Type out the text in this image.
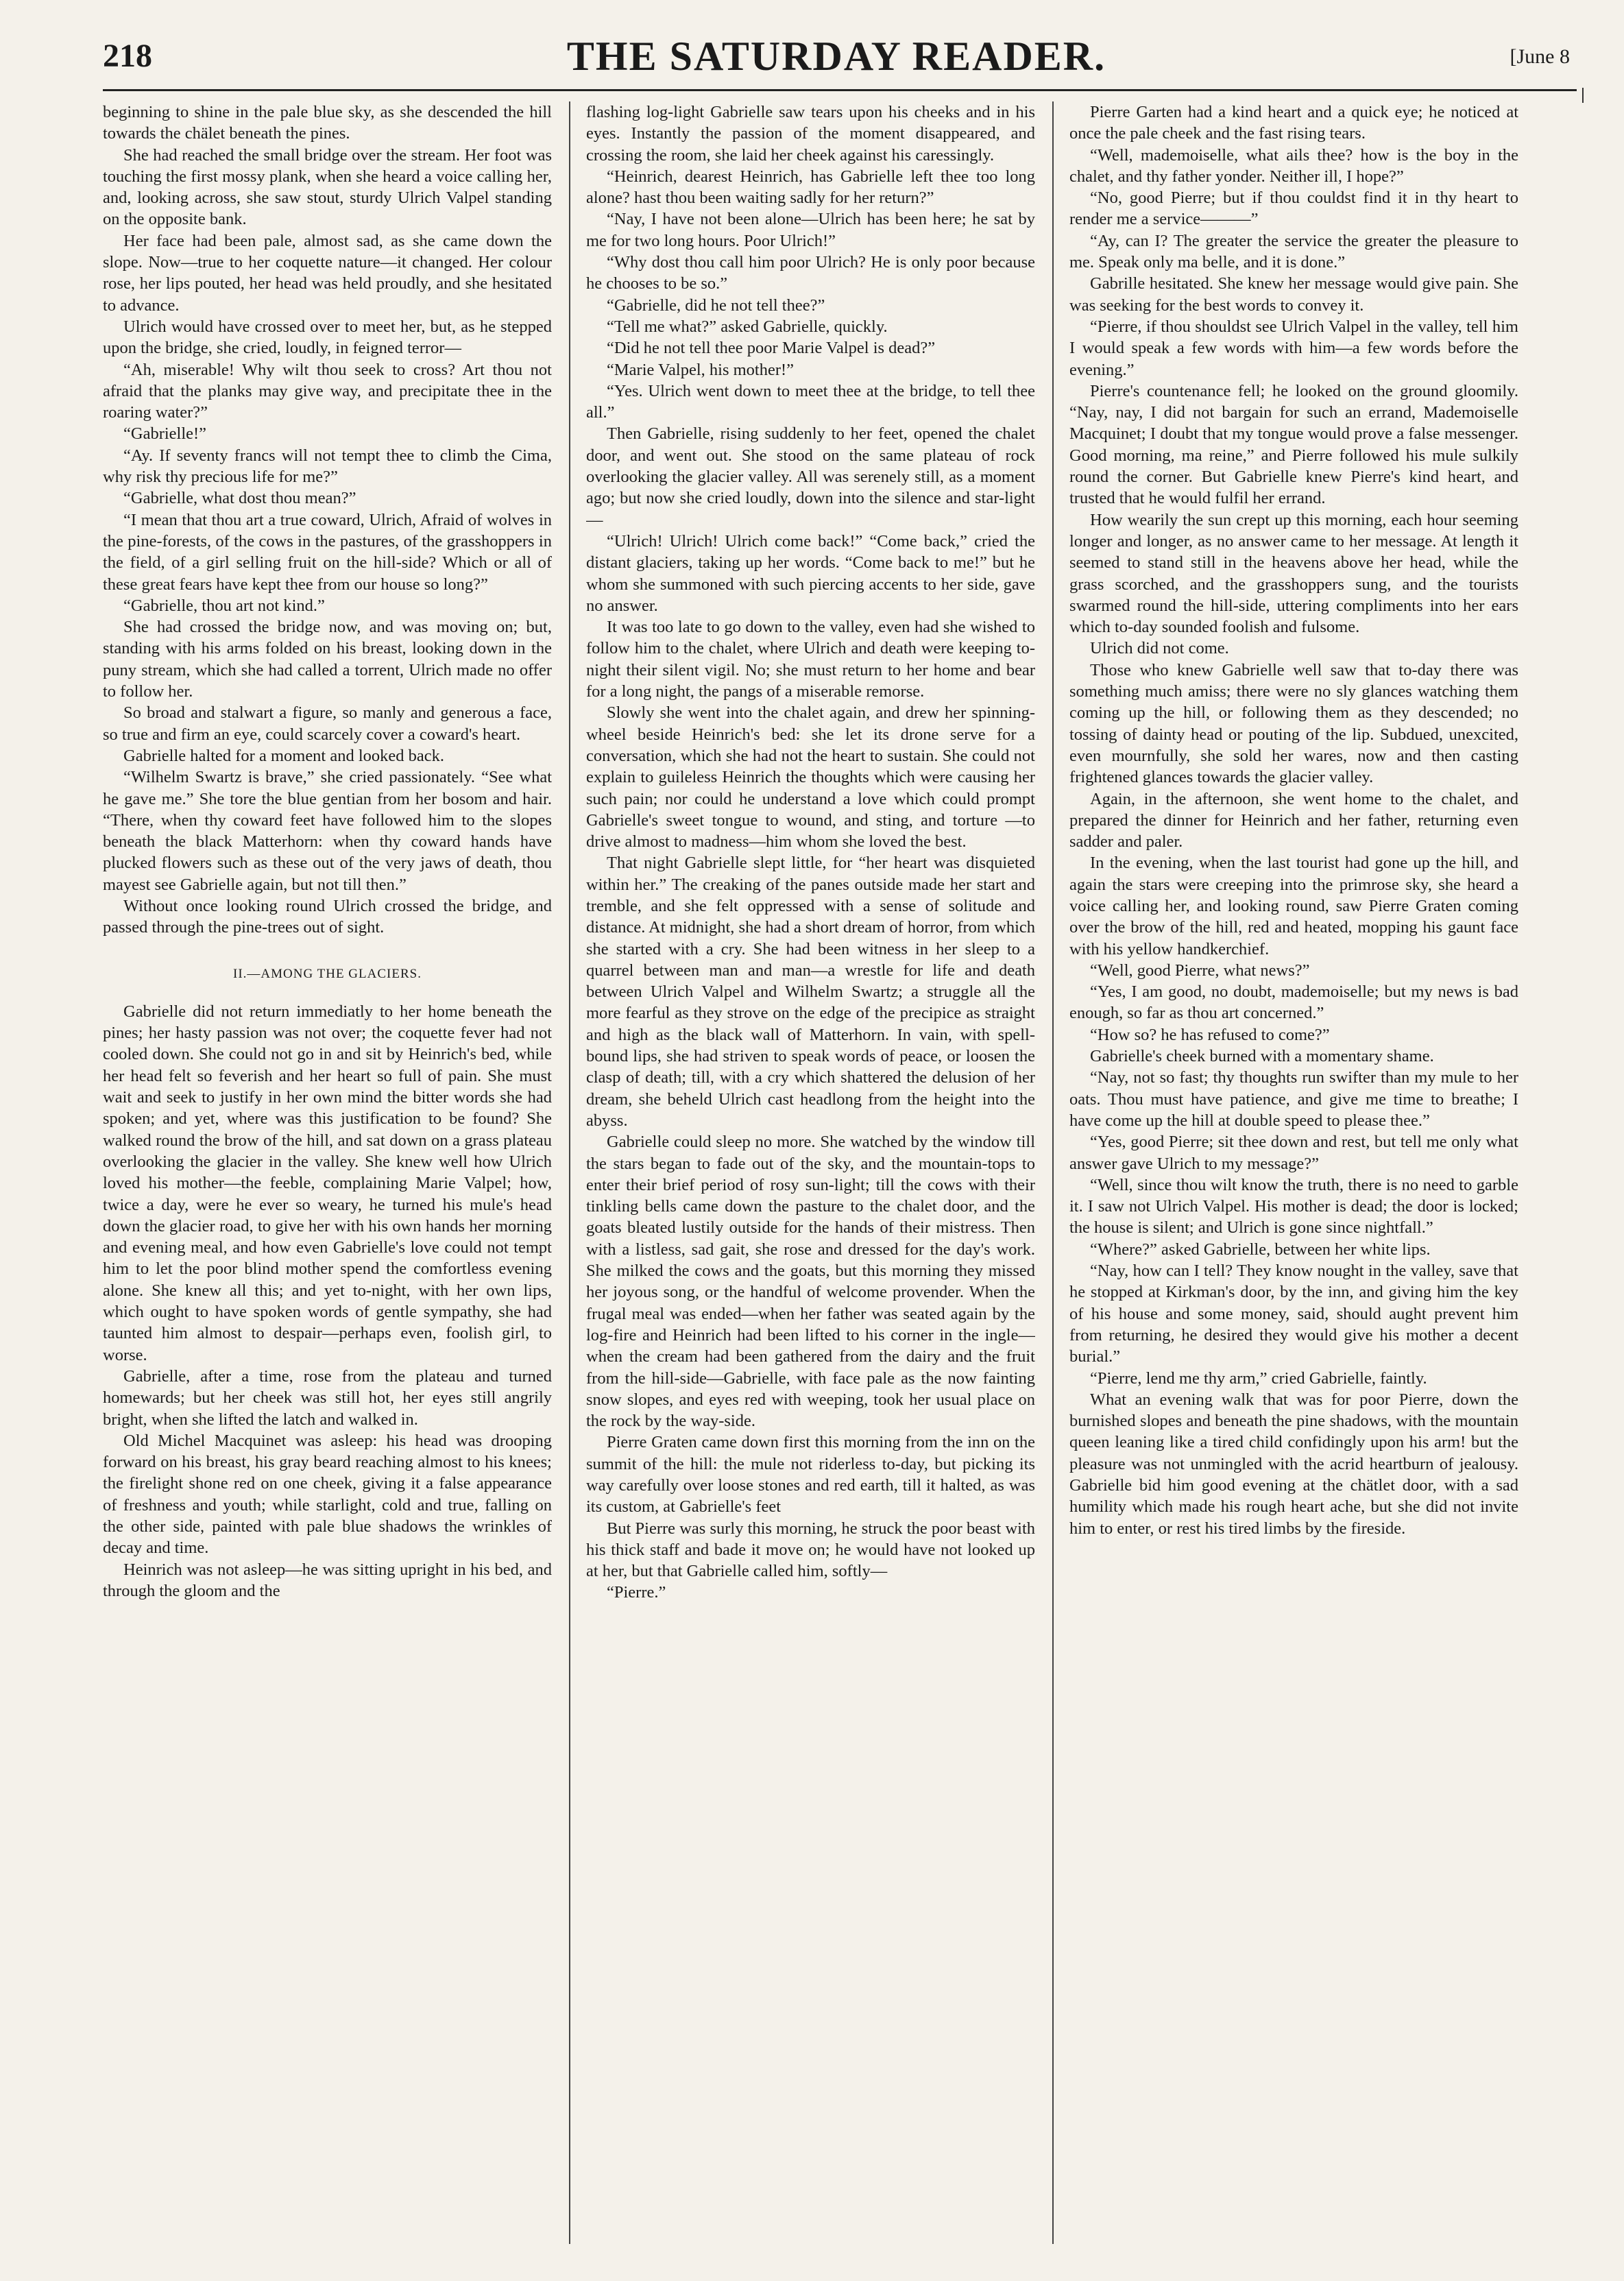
218	THE SATURDAY READER.	[June 8

beginning to shine in the pale blue sky, as she descended the hill towards the chälet beneath the pines.

She had reached the small bridge over the stream. Her foot was touching the first mossy plank, when she heard a voice calling her, and, looking across, she saw stout, sturdy Ulrich Valpel standing on the opposite bank.

Her face had been pale, almost sad, as she came down the slope. Now—true to her coquette nature—it changed. Her colour rose, her lips pouted, her head was held proudly, and she hesitated to advance.

Ulrich would have crossed over to meet her, but, as he stepped upon the bridge, she cried, loudly, in feigned terror—

“Ah, miserable! Why wilt thou seek to cross? Art thou not afraid that the planks may give way, and precipitate thee in the roaring water?”

“Gabrielle!”

“Ay. If seventy francs will not tempt thee to climb the Cima, why risk thy precious life for me?”

“Gabrielle, what dost thou mean?”

“I mean that thou art a true coward, Ulrich, Afraid of wolves in the pine-forests, of the cows in the pastures, of the grasshoppers in the field, of a girl selling fruit on the hill-side? Which or all of these great fears have kept thee from our house so long?”

“Gabrielle, thou art not kind.”

She had crossed the bridge now, and was moving on; but, standing with his arms folded on his breast, looking down in the puny stream, which she had called a torrent, Ulrich made no offer to follow her.

So broad and stalwart a figure, so manly and generous a face, so true and firm an eye, could scarcely cover a coward's heart.

Gabrielle halted for a moment and looked back.

“Wilhelm Swartz is brave,” she cried passionately. “See what he gave me.” She tore the blue gentian from her bosom and hair. “There, when thy coward feet have followed him to the slopes beneath the black Matterhorn: when thy coward hands have plucked flowers such as these out of the very jaws of death, thou mayest see Gabrielle again, but not till then.”

Without once looking round Ulrich crossed the bridge, and passed through the pine-trees out of sight.

II.—AMONG THE GLACIERS.

Gabrielle did not return immediatly to her home beneath the pines; her hasty passion was not over; the coquette fever had not cooled down. She could not go in and sit by Heinrich's bed, while her head felt so feverish and her heart so full of pain. She must wait and seek to justify in her own mind the bitter words she had spoken; and yet, where was this justification to be found? She walked round the brow of the hill, and sat down on a grass plateau overlooking the glacier in the valley. She knew well how Ulrich loved his mother—the feeble, complaining Marie Valpel; how, twice a day, were he ever so weary, he turned his mule's head down the glacier road, to give her with his own hands her morning and evening meal, and how even Gabrielle's love could not tempt him to let the poor blind mother spend the comfortless evening alone. She knew all this; and yet to-night, with her own lips, which ought to have spoken words of gentle sympathy, she had taunted him almost to despair—perhaps even, foolish girl, to worse.

Gabrielle, after a time, rose from the plateau and turned homewards; but her cheek was still hot, her eyes still angrily bright, when she lifted the latch and walked in.

Old Michel Macquinet was asleep: his head was drooping forward on his breast, his gray beard reaching almost to his knees; the firelight shone red on one cheek, giving it a false appearance of freshness and youth; while starlight, cold and true, falling on the other side, painted with pale blue shadows the wrinkles of decay and time.

Heinrich was not asleep—he was sitting upright in his bed, and through the gloom and the

flashing log-light Gabrielle saw tears upon his cheeks and in his eyes. Instantly the passion of the moment disappeared, and crossing the room, she laid her cheek against his caressingly.

“Heinrich, dearest Heinrich, has Gabrielle left thee too long alone? hast thou been waiting sadly for her return?”

“Nay, I have not been alone—Ulrich has been here; he sat by me for two long hours. Poor Ulrich!”

“Why dost thou call him poor Ulrich? He is only poor because he chooses to be so.”

“Gabrielle, did he not tell thee?”

“Tell me what?” asked Gabrielle, quickly.

“Did he not tell thee poor Marie Valpel is dead?”

“Marie Valpel, his mother!”

“Yes. Ulrich went down to meet thee at the bridge, to tell thee all.”

Then Gabrielle, rising suddenly to her feet, opened the chalet door, and went out. She stood on the same plateau of rock overlooking the glacier valley. All was serenely still, as a moment ago; but now she cried loudly, down into the silence and star-light—

“Ulrich! Ulrich! Ulrich come back!” “Come back,” cried the distant glaciers, taking up her words. “Come back to me!” but he whom she summoned with such piercing accents to her side, gave no answer.

It was too late to go down to the valley, even had she wished to follow him to the chalet, where Ulrich and death were keeping to-night their silent vigil. No; she must return to her home and bear for a long night, the pangs of a miserable remorse.

Slowly she went into the chalet again, and drew her spinning-wheel beside Heinrich's bed: she let its drone serve for a conversation, which she had not the heart to sustain. She could not explain to guileless Heinrich the thoughts which were causing her such pain; nor could he understand a love which could prompt Gabrielle's sweet tongue to wound, and sting, and torture —to drive almost to madness—him whom she loved the best.

That night Gabrielle slept little, for “her heart was disquieted within her.” The creaking of the panes outside made her start and tremble, and she felt oppressed with a sense of solitude and distance. At midnight, she had a short dream of horror, from which she started with a cry. She had been witness in her sleep to a quarrel between man and man—a wrestle for life and death between Ulrich Valpel and Wilhelm Swartz; a struggle all the more fearful as they strove on the edge of the precipice as straight and high as the black wall of Matterhorn. In vain, with spell-bound lips, she had striven to speak words of peace, or loosen the clasp of death; till, with a cry which shattered the delusion of her dream, she beheld Ulrich cast headlong from the height into the abyss.

Gabrielle could sleep no more. She watched by the window till the stars began to fade out of the sky, and the mountain-tops to enter their brief period of rosy sun-light; till the cows with their tinkling bells came down the pasture to the chalet door, and the goats bleated lustily outside for the hands of their mistress. Then with a listless, sad gait, she rose and dressed for the day's work. She milked the cows and the goats, but this morning they missed her joyous song, or the handful of welcome provender. When the frugal meal was ended—when her father was seated again by the log-fire and Heinrich had been lifted to his corner in the ingle—when the cream had been gathered from the dairy and the fruit from the hill-side—Gabrielle, with face pale as the now fainting snow slopes, and eyes red with weeping, took her usual place on the rock by the way-side.

Pierre Graten came down first this morning from the inn on the summit of the hill: the mule not riderless to-day, but picking its way carefully over loose stones and red earth, till it halted, as was its custom, at Gabrielle's feet

But Pierre was surly this morning, he struck the poor beast with his thick staff and bade it move on; he would have not looked up at her, but that Gabrielle called him, softly—

“Pierre.”

Pierre Garten had a kind heart and a quick eye; he noticed at once the pale cheek and the fast rising tears.

“Well, mademoiselle, what ails thee? how is the boy in the chalet, and thy father yonder. Neither ill, I hope?”

“No, good Pierre; but if thou couldst find it in thy heart to render me a service———”

“Ay, can I? The greater the service the greater the pleasure to me. Speak only ma belle, and it is done.”

Gabrille hesitated. She knew her message would give pain. She was seeking for the best words to convey it.

“Pierre, if thou shouldst see Ulrich Valpel in the valley, tell him I would speak a few words with him—a few words before the evening.”

Pierre's countenance fell; he looked on the ground gloomily. “Nay, nay, I did not bargain for such an errand, Mademoiselle Macquinet; I doubt that my tongue would prove a false messenger. Good morning, ma reine,” and Pierre followed his mule sulkily round the corner. But Gabrielle knew Pierre's kind heart, and trusted that he would fulfil her errand.

How wearily the sun crept up this morning, each hour seeming longer and longer, as no answer came to her message. At length it seemed to stand still in the heavens above her head, while the grass scorched, and the grasshoppers sung, and the tourists swarmed round the hill-side, uttering compliments into her ears which to-day sounded foolish and fulsome.

Ulrich did not come.

Those who knew Gabrielle well saw that to-day there was something much amiss; there were no sly glances watching them coming up the hill, or following them as they descended; no tossing of dainty head or pouting of the lip. Subdued, unexcited, even mournfully, she sold her wares, now and then casting frightened glances towards the glacier valley.

Again, in the afternoon, she went home to the chalet, and prepared the dinner for Heinrich and her father, returning even sadder and paler.

In the evening, when the last tourist had gone up the hill, and again the stars were creeping into the primrose sky, she heard a voice calling her, and looking round, saw Pierre Graten coming over the brow of the hill, red and heated, mopping his gaunt face with his yellow handkerchief.

“Well, good Pierre, what news?”

“Yes, I am good, no doubt, mademoiselle; but my news is bad enough, so far as thou art concerned.”

“How so? he has refused to come?”

Gabrielle's cheek burned with a momentary shame.

“Nay, not so fast; thy thoughts run swifter than my mule to her oats. Thou must have patience, and give me time to breathe; I have come up the hill at double speed to please thee.”

“Yes, good Pierre; sit thee down and rest, but tell me only what answer gave Ulrich to my message?”

“Well, since thou wilt know the truth, there is no need to garble it. I saw not Ulrich Valpel. His mother is dead; the door is locked; the house is silent; and Ulrich is gone since nightfall.”

“Where?” asked Gabrielle, between her white lips.

“Nay, how can I tell? They know nought in the valley, save that he stopped at Kirkman's door, by the inn, and giving him the key of his house and some money, said, should aught prevent him from returning, he desired they would give his mother a decent burial.”

“Pierre, lend me thy arm,” cried Gabrielle, faintly.

What an evening walk that was for poor Pierre, down the burnished slopes and beneath the pine shadows, with the mountain queen leaning like a tired child confidingly upon his arm! but the pleasure was not unmingled with the acrid heartburn of jealousy. Gabrielle bid him good evening at the chätlet door, with a sad humility which made his rough heart ache, but she did not invite him to enter, or rest his tired limbs by the fireside.
